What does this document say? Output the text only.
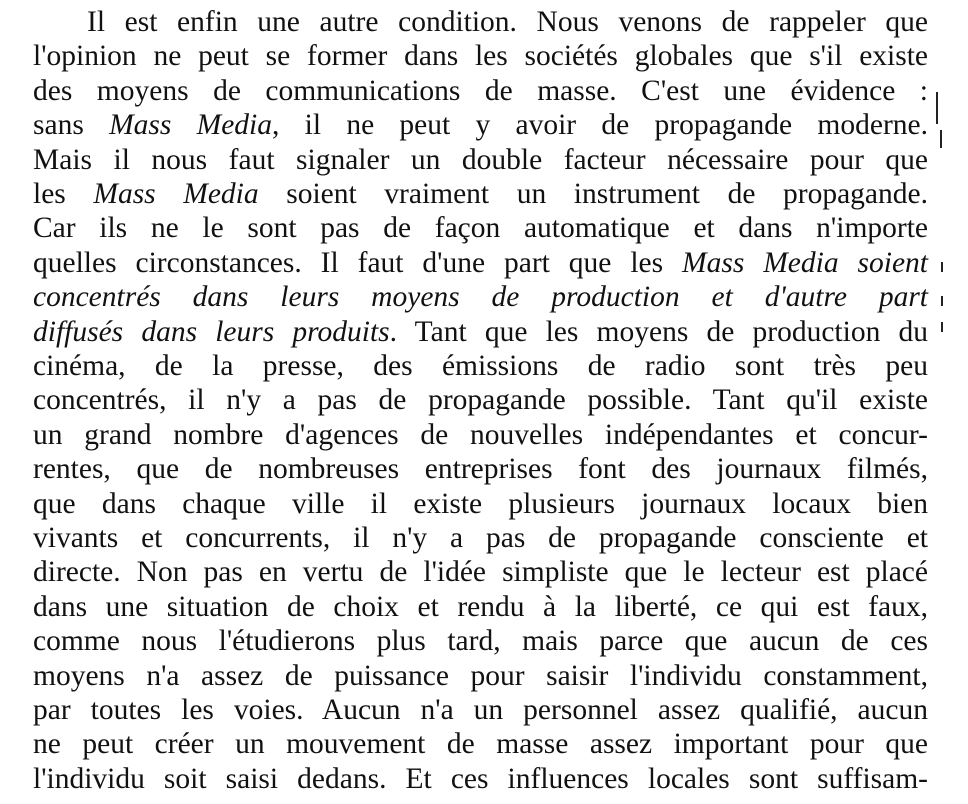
Il est enfin une autre condition. Nous venons de rappeler que
l'opinion ne peut se former dans les sociétés globales que s'il existe
des moyens de communications de masse. C'est une évidence :
sans Mass Media, il ne peut y avoir de propagande moderne.
Mais il nous faut signaler un double facteur nécessaire pour que
les Mass Media soient vraiment un instrument de propagande.
Car ils ne le sont pas de façon automatique et dans n'importe
quelles circonstances. Il faut d'une part que les Mass Media soient
concentrés dans leurs moyens de production et d'autre part
diffusés dans leurs produits. Tant que les moyens de production du
cinéma, de la presse, des émissions de radio sont très peu
concentrés, il n'y a pas de propagande possible. Tant qu'il existe
un grand nombre d'agences de nouvelles indépendantes et concur-
rentes, que de nombreuses entreprises font des journaux filmés,
que dans chaque ville il existe plusieurs journaux locaux bien
vivants et concurrents, il n'y a pas de propagande consciente et
directe. Non pas en vertu de l'idée simpliste que le lecteur est placé
dans une situation de choix et rendu à la liberté, ce qui est faux,
comme nous l'étudierons plus tard, mais parce que aucun de ces
moyens n'a assez de puissance pour saisir l'individu constamment,
par toutes les voies. Aucun n'a un personnel assez qualifié, aucun
ne peut créer un mouvement de masse assez important pour que
l'individu soit saisi dedans. Et ces influences locales sont suffisam-
